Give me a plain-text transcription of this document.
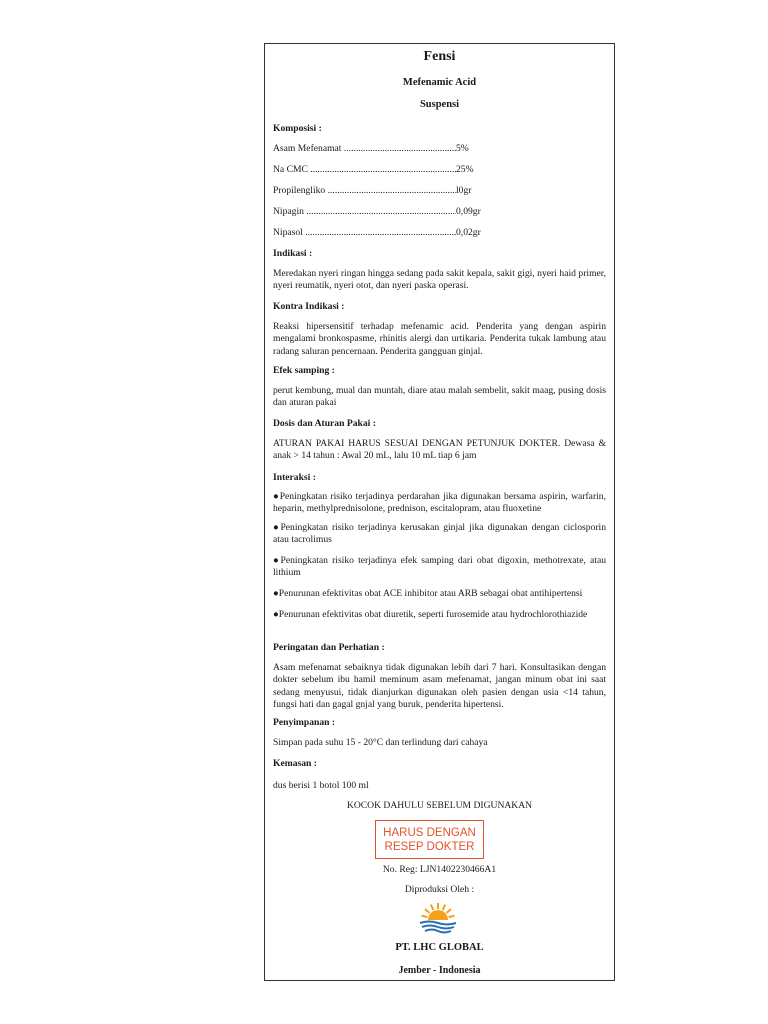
Fensi
Mefenamic Acid
Suspensi
Komposisi :
Asam Mefenamat .....	5%
Na CMC .....	25%
Propilengliko .....	l0gr
Nipagin .....	0,09gr
Nipasol .....	0,02gr
Indikasi :
Meredakan nyeri ringan hingga sedang pada sakit kepala, sakit gigi, nyeri haid primer, nyeri reumatik, nyeri otot, dan nyeri paska operasi.
Kontra Indikasi :
Reaksi hipersensitif terhadap mefenamic acid. Penderita yang dengan aspirin mengalami bronkospasme, rhinitis alergi dan urtikaria. Penderita tukak lambung atau radang saluran pencernaan. Penderita gangguan ginjal.
Efek samping :
perut kembung, mual dan muntah, diare atau malah sembelit, sakit maag, pusing dosis dan aturan pakai
Dosis dan Aturan Pakai :
ATURAN PAKAI HARUS SESUAI DENGAN PETUNJUK DOKTER. Dewasa & anak > 14 tahun : Awal 20 mL, lalu 10 mL tiap 6 jam
Interaksi :
●Peningkatan risiko terjadinya perdarahan jika digunakan bersama aspirin, warfarin, heparin, methylprednisolone, prednison, escitalopram, atau fluoxetine
●Peningkatan risiko terjadinya kerusakan ginjal jika digunakan dengan ciclosporin atau tacrolimus
●Peningkatan risiko terjadinya efek samping dari obat digoxin, methotrexate, atau lithium
●Penurunan efektivitas obat ACE inhibitor atau ARB sebagai obat antihipertensi
●Penurunan efektivitas obat diuretik, seperti furosemide atau hydrochlorothiazide
Peringatan dan Perhatian :
Asam mefenamat sebaiknya tidak digunakan lebih dari 7 hari. Konsultasikan dengan dokter sebelum ibu hamil meminum asam mefenamat, jangan minum obat ini saat sedang menyusui, tidak dianjurkan digunakan oleh pasien dengan usia <14 tahun, fungsi hati dan gagal gnjal yang buruk, penderita hipertensi.
Penyimpanan :
Simpan pada suhu 15 - 20°C dan terlindung dari cahaya
Kemasan :
dus berisi 1 botol 100 ml
KOCOK DAHULU SEBELUM DIGUNAKAN
HARUS DENGAN
RESEP DOKTER
No. Reg: LJN1402230466A1
Diproduksi Oleh :
PT. LHC GLOBAL
Jember - Indonesia
